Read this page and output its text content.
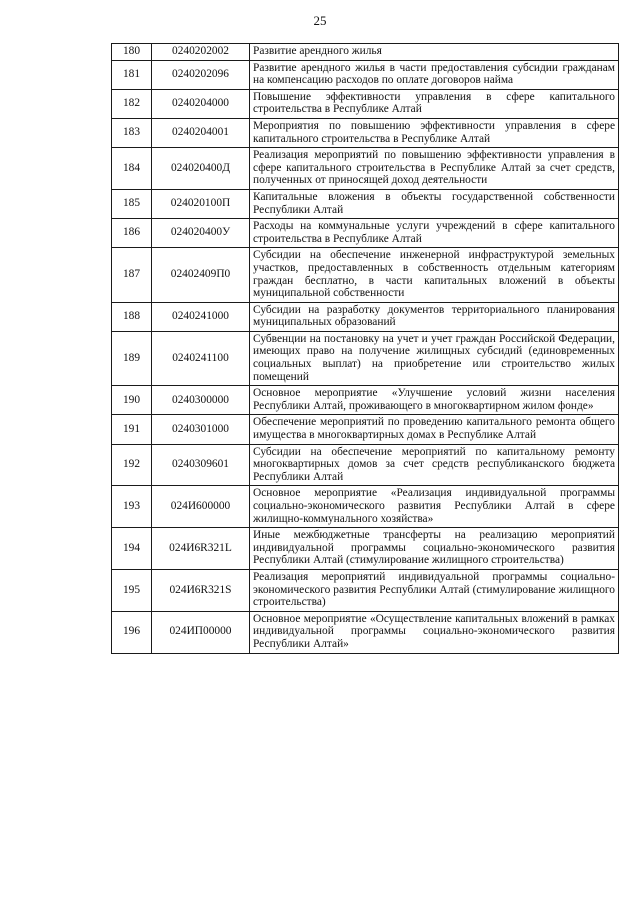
25
180	0240202002	Развитие арендного жилья
181	0240202096	Развитие арендного жилья в части предоставления субсидии гражданам на компенсацию расходов по оплате договоров найма
182	0240204000	Повышение эффективности управления в сфере капитального строительства в Республике Алтай
183	0240204001	Мероприятия по повышению эффективности управления в сфере капитального строительства в Республике Алтай
184	024020400Д	Реализация мероприятий по повышению эффективности управления в сфере капитального строительства в Республике Алтай за счет средств, полученных от приносящей доход деятельности
185	024020100П	Капитальные вложения в объекты государственной собственности Республики Алтай
186	024020400У	Расходы на коммунальные услуги учреждений в сфере капитального строительства в Республике Алтай
187	02402409П0	Субсидии на обеспечение инженерной инфраструктурой земельных участков, предоставленных в собственность отдельным категориям граждан бесплатно, в части капитальных вложений в объекты муниципальной собственности
188	0240241000	Субсидии на разработку документов территориального планирования муниципальных образований
189	0240241100	Субвенции на постановку на учет и учет граждан Российской Федерации, имеющих право на получение жилищных субсидий (единовременных социальных выплат) на приобретение или строительство жилых помещений
190	0240300000	Основное мероприятие «Улучшение условий жизни населения Республики Алтай, проживающего в многоквартирном жилом фонде»
191	0240301000	Обеспечение мероприятий по проведению капитального ремонта общего имущества в многоквартирных домах в Республике Алтай
192	0240309601	Субсидии на обеспечение мероприятий по капитальному ремонту многоквартирных домов за счет средств республиканского бюджета Республики Алтай
193	024И600000	Основное мероприятие «Реализация индивидуальной программы социально-экономического развития Республики Алтай в сфере жилищно-коммунального хозяйства»
194	024И6R321L	Иные межбюджетные трансферты на реализацию мероприятий индивидуальной программы социально-экономического развития Республики Алтай (стимулирование жилищного строительства)
195	024И6R321S	Реализация мероприятий индивидуальной программы социально-экономического развития Республики Алтай (стимулирование жилищного строительства)
196	024ИП00000	Основное мероприятие «Осуществление капитальных вложений в рамках индивидуальной программы социально-экономического развития Республики Алтай»
